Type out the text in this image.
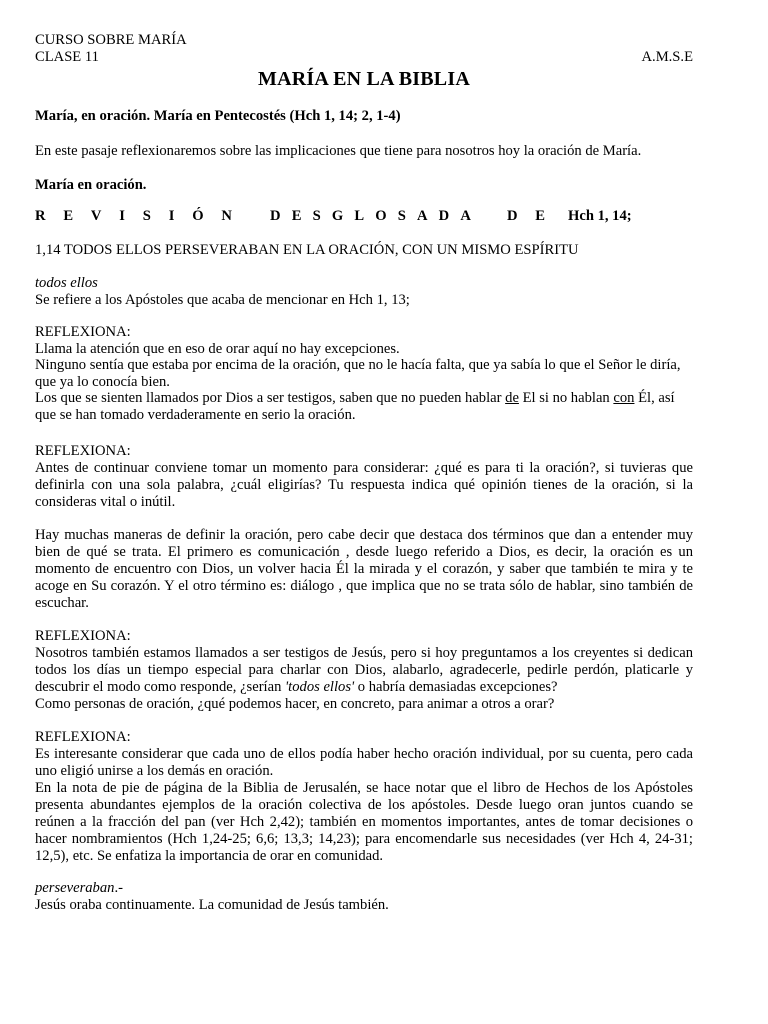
CURSO SOBRE MARÍA

CLASE 11	A.M.S.E
MARÍA EN LA BIBLIA

María, en oración. María en Pentecostés (Hch 1, 14; 2, 1-4)

En este pasaje reflexionaremos sobre las implicaciones que tiene para nosotros hoy la oración de María.

María en oración.

R E V I S I Ó N	D E S G L O S A D A D E Hch 1, 14;

1,14 TODOS ELLOS PERSEVERABAN EN LA ORACIÓN, CON UN MISMO ESPÍRITU

todos ellos

Se refiere a los Apóstoles que acaba de mencionar en Hch 1, 13;

REFLEXIONA:

Llama la atención que en eso de orar aquí no hay excepciones.

Ninguno sentía que estaba por encima de la oración, que no le hacía falta, que ya sabía lo que el Señor le diría,

que ya lo conocía bien.

Los que se sienten llamados por Dios a ser testigos, saben que no pueden hablar de El si no hablan con Él, así

que se han tomado verdaderamente en serio la oración.

REFLEXIONA:

Antes de continuar conviene tomar un momento para considerar: ¿qué es para ti la oración?, si tuvieras que definirla con una sola palabra, ¿cuál eligirías? Tu respuesta indica qué opinión tienes de la oración, si la consideras vital o inútil.

Hay muchas maneras de definir la oración, pero cabe decir que destaca dos términos que dan a entender muy bien de qué se trata. El primero es comunicación , desde luego referido a Dios, es decir, la oración es un momento de encuentro con Dios, un volver hacia Él la mirada y el corazón, y saber que también te mira y te acoge en Su corazón. Y el otro término es: diálogo , que implica que no se trata sólo de hablar, sino también de escuchar.

REFLEXIONA:

Nosotros también estamos llamados a ser testigos de Jesús, pero si hoy preguntamos a los creyentes si dedican todos los días un tiempo especial para charlar con Dios, alabarlo, agradecerle, pedirle perdón, platicarle y descubrir el modo como responde, ¿serían 'todos ellos' o habría demasiadas excepciones?

Como personas de oración, ¿qué podemos hacer, en concreto, para animar a otros a orar?

REFLEXIONA:

Es interesante considerar que cada uno de ellos podía haber hecho oración individual, por su cuenta, pero cada uno eligió unirse a los demás en oración.

En la nota de pie de página de la Biblia de Jerusalén, se hace notar que el libro de Hechos de los Apóstoles presenta abundantes ejemplos de la oración colectiva de los apóstoles. Desde luego oran juntos cuando se reúnen a la fracción del pan (ver Hch 2,42); también en momentos importantes, antes de tomar decisiones o hacer nombramientos (Hch 1,24-25; 6,6; 13,3; 14,23); para encomendarle sus necesidades (ver Hch 4, 24-31; 12,5), etc. Se enfatiza la importancia de orar en comunidad.

perseveraban.-

Jesús oraba continuamente. La comunidad de Jesús también.
